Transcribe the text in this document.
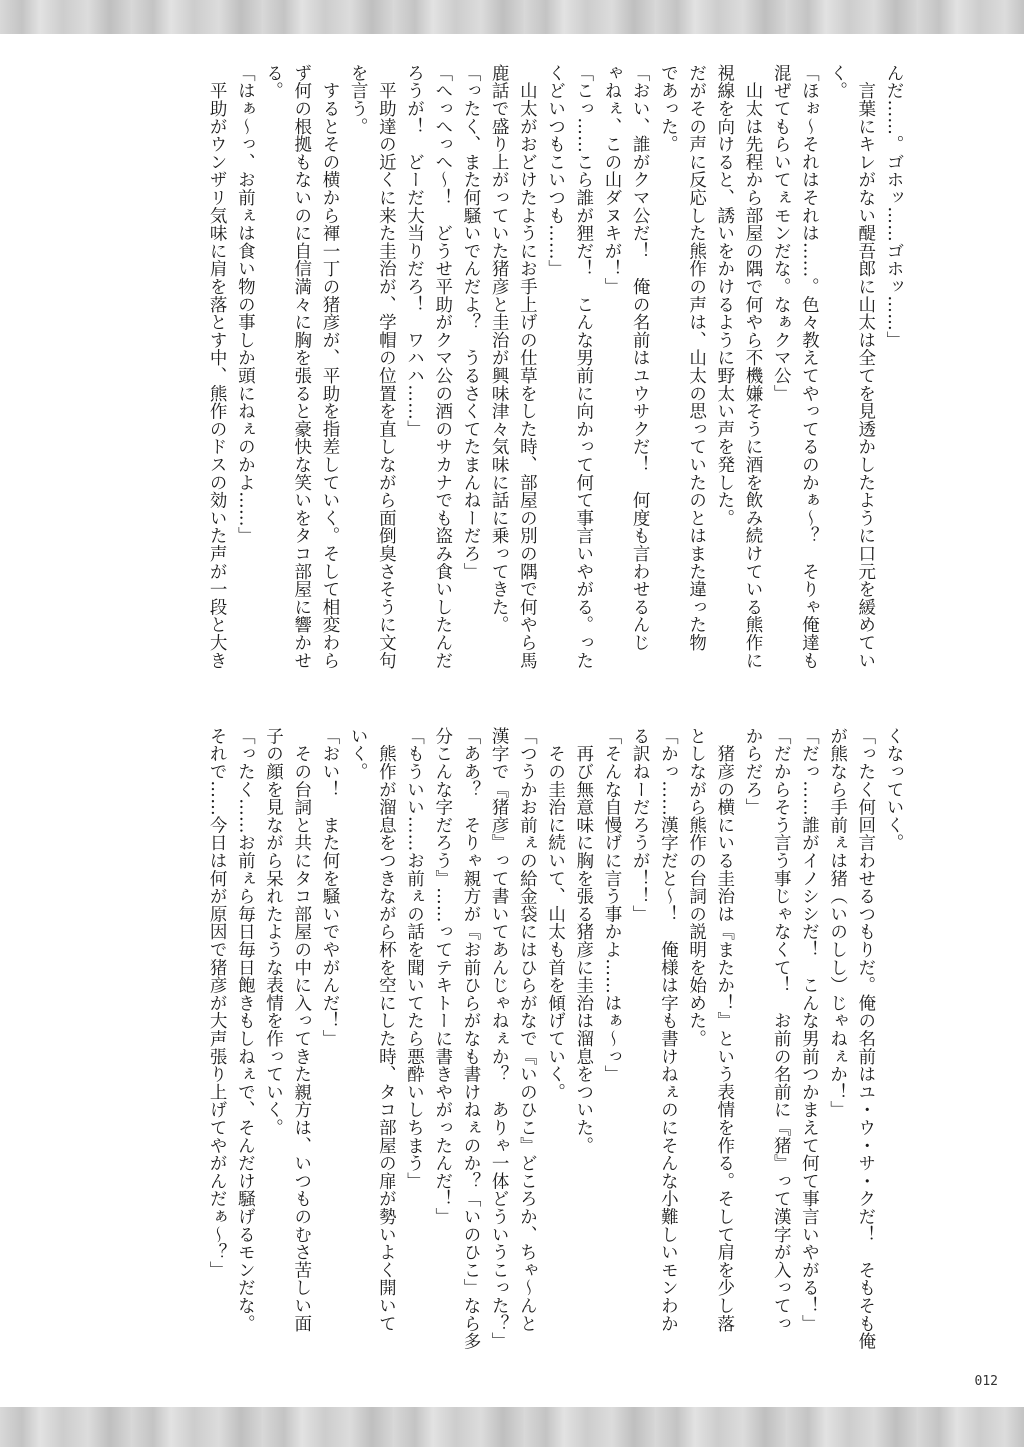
んだ……。ゴホッ……ゴホッ……」

　言葉にキレがない醍吾郎に山太は全てを見透かしたように口元を緩めてい

く。

「ほぉ～それはそれは……。色々教えてやってるのかぁ～？　そりゃ俺達も

混ぜてもらいてぇモンだな。なぁクマ公」

　山太は先程から部屋の隅で何やら不機嫌そうに酒を飲み続けている熊作に

視線を向けると、誘いをかけるように野太い声を発した。

だがその声に反応した熊作の声は、山太の思っていたのとはまた違った物

であった。

「おい、誰がクマ公だ！　俺の名前はユウサクだ！　何度も言わせるんじ

ゃねぇ、この山ダヌキが！」

「こっ……こら誰が狸だ！　こんな男前に向かって何て事言いやがる。った

くどいつもこいつも……」

　山太がおどけたようにお手上げの仕草をした時、部屋の別の隅で何やら馬

鹿話で盛り上がっていた猪彦と圭治が興味津々気味に話に乗ってきた。

「ったく、また何騒いでんだよ？　うるさくてたまんねーだろ」

「へっへっへ～！　どうせ平助がクマ公の酒のサカナでも盗み食いしたんだ

ろうが！　どーだ大当りだろ！　ワハハ……」

　平助達の近くに来た圭治が、学帽の位置を直しながら面倒臭さそうに文句

を言う。

　するとその横から褌一丁の猪彦が、平助を指差していく。そして相変わら

ず何の根拠もないのに自信満々に胸を張ると豪快な笑いをタコ部屋に響かせ

る。

「はぁ～っ、お前ぇは食い物の事しか頭にねぇのかよ……」

　平助がウンザリ気味に肩を落とす中、熊作のドスの効いた声が一段と大き

くなっていく。

「ったく何回言わせるつもりだ。俺の名前はユ・ウ・サ・クだ！　そもそも俺

が熊なら手前ぇは猪（いのしし）じゃねぇか！」

「だっ……誰がイノシシだ！　こんな男前つかまえて何て事言いやがる！」

「だからそう言う事じゃなくて！　お前の名前に『猪』って漢字が入ってっ

からだろ」

　猪彦の横にいる圭治は『またか！』という表情を作る。そして肩を少し落

としながら熊作の台詞の説明を始めた。

「かっ……漢字だと～！　俺様は字も書けねぇのにそんな小難しいモンわか

る訳ねーだろうが！！」

「そんな自慢げに言う事かよ……はぁ～っ」

　再び無意味に胸を張る猪彦に圭治は溜息をついた。

　その圭治に続いて、山太も首を傾げていく。

「つうかお前ぇの給金袋にはひらがなで『いのひこ』どころか、ちゃ～んと

漢字で『猪彦』って書いてあんじゃねぇか？　ありゃ一体どういうこった？」

「ああ？　そりゃ親方が『お前ひらがなも書けねぇのか？「いのひこ」なら多

分こんな字だろう』……ってテキトーに書きやがったんだ！」

「もういい……お前ぇの話を聞いてたら悪酔いしちまう」

　熊作が溜息をつきながら杯を空にした時、タコ部屋の扉が勢いよく開いて

いく。

「おい！　また何を騒いでやがんだ！」

　その台詞と共にタコ部屋の中に入ってきた親方は、いつものむさ苦しい面

子の顔を見ながら呆れたような表情を作っていく。

「ったく……お前ぇら毎日毎日飽きもしねぇで、そんだけ騒げるモンだな。

それで……今日は何が原因で猪彦が大声張り上げてやがんだぁ～？」

012
